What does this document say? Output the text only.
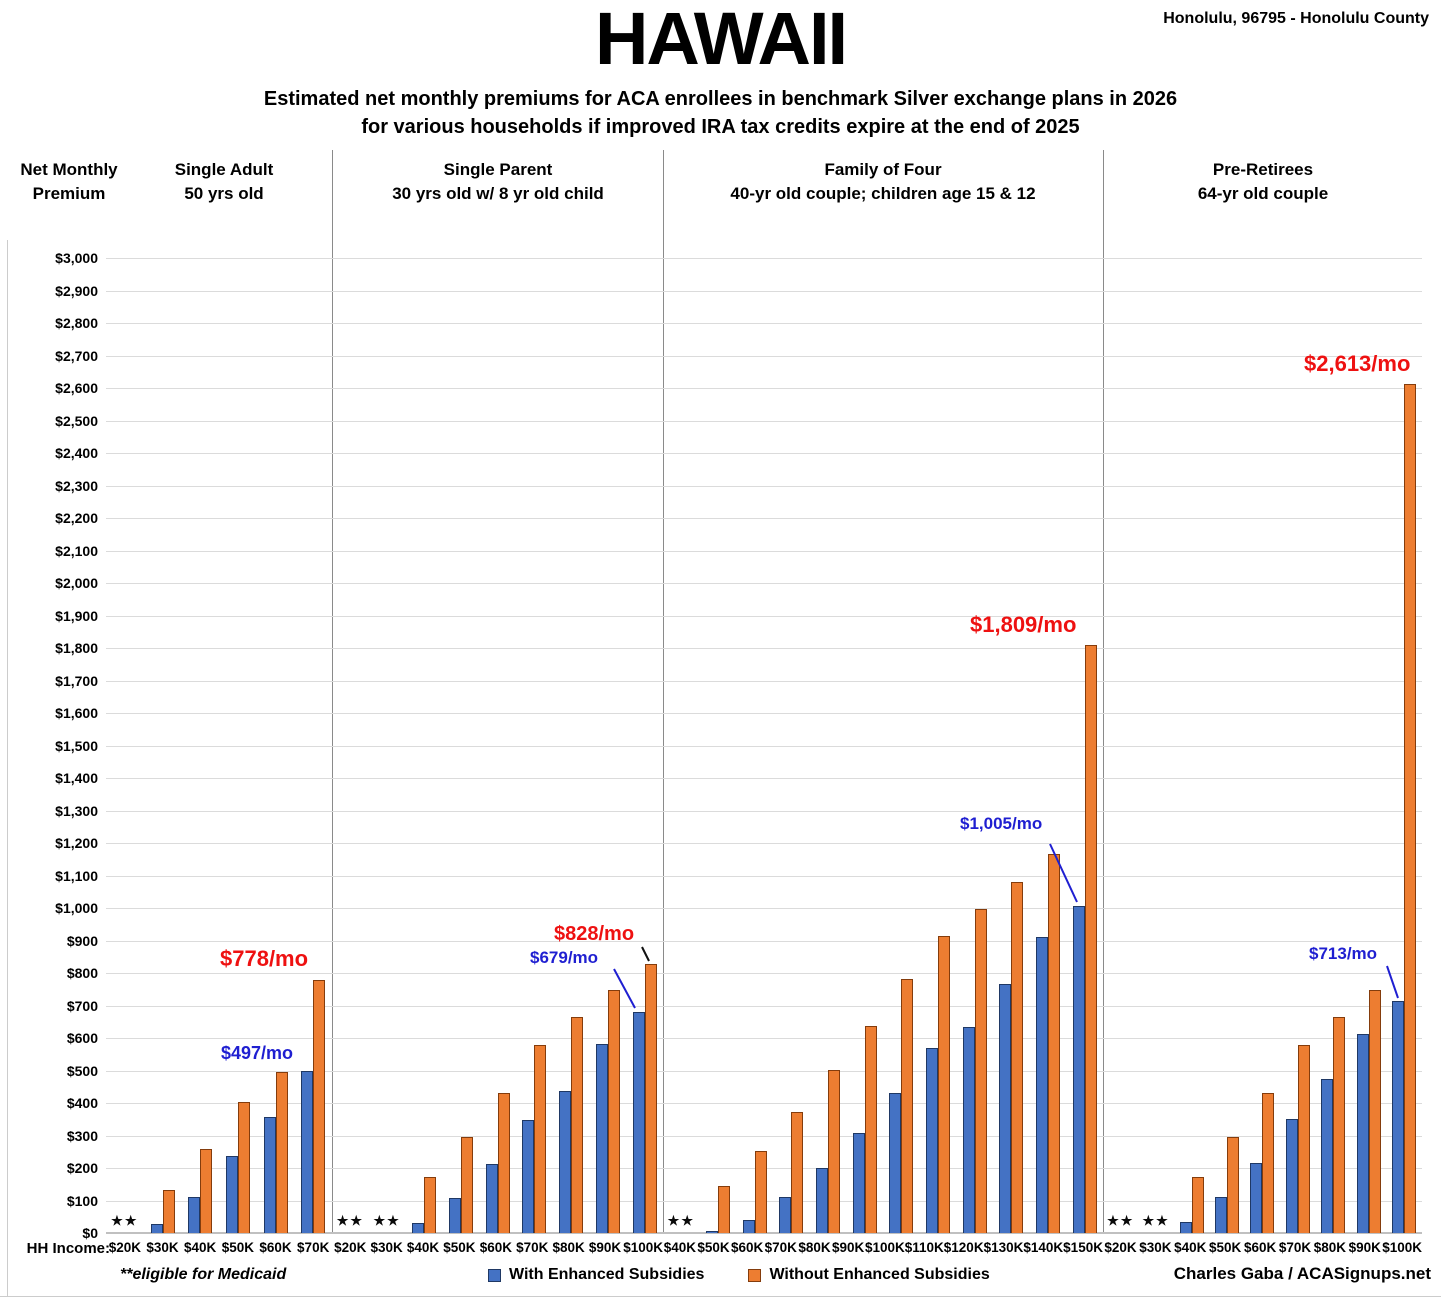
HAWAII	Honolulu, 96795 - Honolulu County
Estimated net monthly premiums for ACA enrollees in benchmark Silver exchange plans in 2026
for various households if improved IRA tax credits expire at the end of 2025
Net Monthly
Premium
Single Adult
50 yrs old
Single Parent
30 yrs old w/ 8 yr old child
Family of Four
40-yr old couple; children age 15 & 12
Pre-Retirees
64-yr old couple
★★	★★ ★★	★★	★★ ★★
$3,000
$2,900
$2,800
$2,700
$2,600
$2,500
$2,400
$2,300
$2,200
$2,100
$2,000
$1,900
$1,800
$1,700
$1,600
$1,500
$1,400
$1,300
$1,200
$1,100
$1,000
$900
$800
$700
$600
$500
$400
$300
$200
$100
$0
HH Income:
$20K $30K $40K $50K $60K $70K $20K $30K $40K $50K $60K $70K $80K $90K $100K $40K $50K $60K $70K $80K $90K $100K $110K $120K $130K $140K $150K $20K $30K $40K $50K $60K $70K $80K $90K $100K
$497/mo
$778/mo	$679/mo
$828/mo
$1,005/mo
$1,809/mo
$713/mo
$2,613/mo
**eligible for Medicaid	With Enhanced Subsidies	Without Enhanced Subsidies	Charles Gaba / ACASignups.net
